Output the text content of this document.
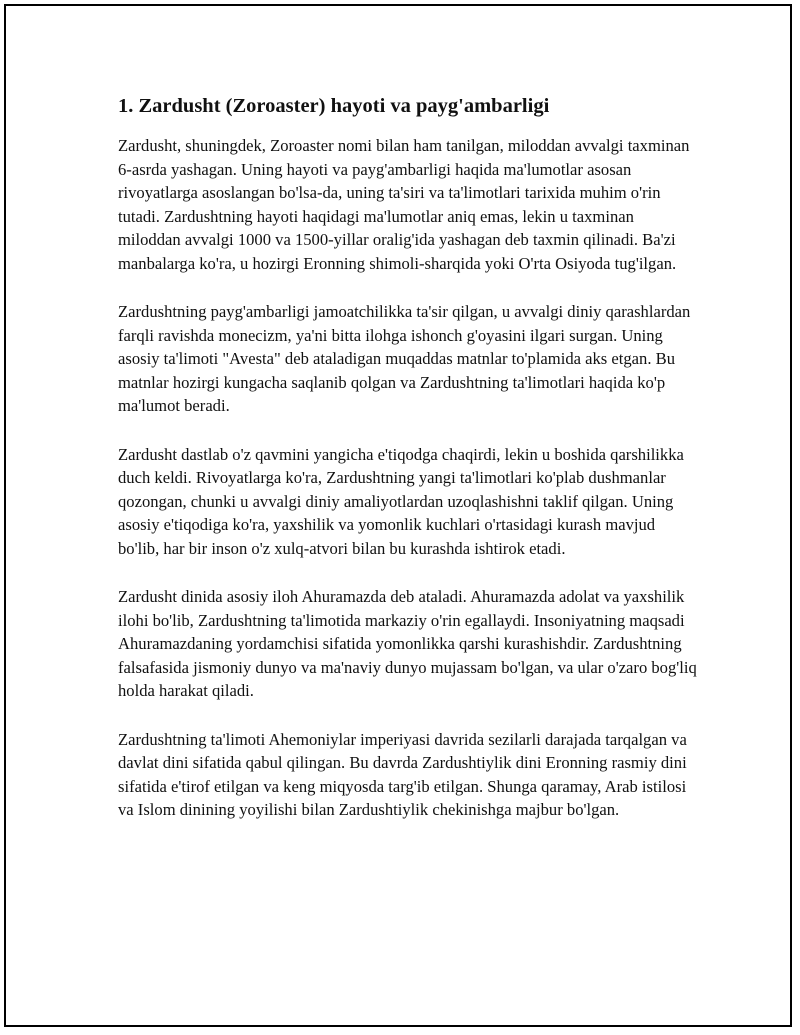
1. Zardusht (Zoroaster) hayoti va payg'ambarligi

Zardusht, shuningdek, Zoroaster nomi bilan ham tanilgan, miloddan avvalgi taxminan 6-asrda yashagan. Uning hayoti va payg'ambarligi haqida ma'lumotlar asosan rivoyatlarga asoslangan bo'lsa-da, uning ta'siri va ta'limotlari tarixida muhim o'rin tutadi. Zardushtning hayoti haqidagi ma'lumotlar aniq emas, lekin u taxminan miloddan avvalgi 1000 va 1500-yillar oralig'ida yashagan deb taxmin qilinadi. Ba'zi manbalarga ko'ra, u hozirgi Eronning shimoli-sharqida yoki O'rta Osiyoda tug'ilgan.

Zardushtning payg'ambarligi jamoatchilikka ta'sir qilgan, u avvalgi diniy qarashlardan farqli ravishda monecizm, ya'ni bitta ilohga ishonch g'oyasini ilgari surgan. Uning asosiy ta'limoti "Avesta" deb ataladigan muqaddas matnlar to'plamida aks etgan. Bu matnlar hozirgi kungacha saqlanib qolgan va Zardushtning ta'limotlari haqida ko'p ma'lumot beradi.

Zardusht dastlab o'z qavmini yangicha e'tiqodga chaqirdi, lekin u boshida qarshilikka duch keldi. Rivoyatlarga ko'ra, Zardushtning yangi ta'limotlari ko'plab dushmanlar qozongan, chunki u avvalgi diniy amaliyotlardan uzoqlashishni taklif qilgan. Uning asosiy e'tiqodiga ko'ra, yaxshilik va yomonlik kuchlari o'rtasidagi kurash mavjud bo'lib, har bir inson o'z xulq-atvori bilan bu kurashda ishtirok etadi.

Zardusht dinida asosiy iloh Ahuramazda deb ataladi. Ahuramazda adolat va yaxshilik ilohi bo'lib, Zardushtning ta'limotida markaziy o'rin egallaydi. Insoniyatning maqsadi Ahuramazdaning yordamchisi sifatida yomonlikka qarshi kurashishdir. Zardushtning falsafasida jismoniy dunyo va ma'naviy dunyo mujassam bo'lgan, va ular o'zaro bog'liq holda harakat qiladi.

Zardushtning ta'limoti Ahemoniylar imperiyasi davrida sezilarli darajada tarqalgan va davlat dini sifatida qabul qilingan. Bu davrda Zardushtiylik dini Eronning rasmiy dini sifatida e'tirof etilgan va keng miqyosda targ'ib etilgan. Shunga qaramay, Arab istilosi va Islom dinining yoyilishi bilan Zardushtiylik chekinishga majbur bo'lgan.
